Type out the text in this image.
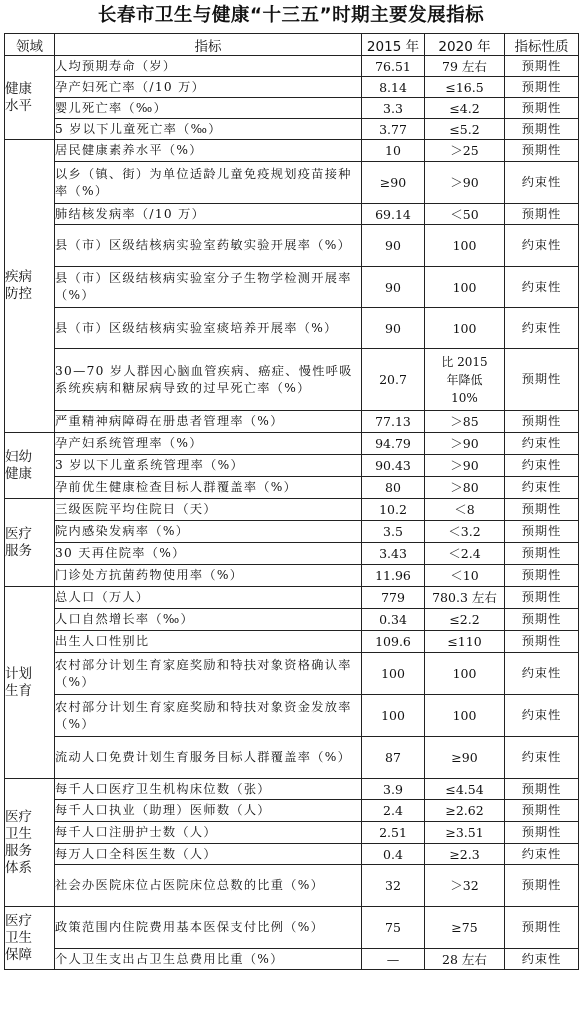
长春市卫生与健康“十三五”时期主要发展指标
领域	指标	2015 年	2020 年	指标性质

健康
水平	人均预期寿命（岁）	76.51	79 左右	预期性
	孕产妇死亡率（/10 万）	8.14	≤16.5	预期性
	婴儿死亡率（‰）	3.3	≤4.2	预期性
	5 岁以下儿童死亡率（‰）	3.77	≤5.2	预期性

疾病
防控	居民健康素养水平（%）	10	＞25	预期性
	以乡（镇、街）为单位适龄儿童免疫规划疫苗接种率（%）	≥90	＞90	约束性
	肺结核发病率（/10 万）	69.14	＜50	预期性
	县（市）区级结核病实验室药敏实验开展率（%）	90	100	约束性
	县（市）区级结核病实验室分子生物学检测开展率（%）	90	100	约束性
	县（市）区级结核病实验室痰培养开展率（%）	90	100	约束性
	30—70 岁人群因心脑血管疾病、癌症、慢性呼吸系统疾病和糖尿病导致的过早死亡率（%）	20.7	比 2015 年降低 10%	预期性
	严重精神病障碍在册患者管理率（%）	77.13	＞85	预期性

妇幼
健康	孕产妇系统管理率（%）	94.79	＞90	约束性
	3 岁以下儿童系统管理率（%）	90.43	＞90	约束性
	孕前优生健康检查目标人群覆盖率（%）	80	＞80	约束性

医疗
服务	三级医院平均住院日（天）	10.2	＜8	预期性
	院内感染发病率（%）	3.5	＜3.2	预期性
	30 天再住院率（%）	3.43	＜2.4	预期性
	门诊处方抗菌药物使用率（%）	11.96	＜10	预期性

计划
生育	总人口（万人）	779	780.3 左右	预期性
	人口自然增长率（‰）	0.34	≤2.2	预期性
	出生人口性别比	109.6	≤110	预期性
	农村部分计划生育家庭奖励和特扶对象资格确认率（%）	100	100	约束性
	农村部分计划生育家庭奖励和特扶对象资金发放率（%）	100	100	约束性
	流动人口免费计划生育服务目标人群覆盖率（%）	87	≥90	约束性

医疗
卫生
服务
体系	每千人口医疗卫生机构床位数（张）	3.9	≤4.54	预期性
	每千人口执业（助理）医师数（人）	2.4	≥2.62	预期性
	每千人口注册护士数（人）	2.51	≥3.51	预期性
	每万人口全科医生数（人）	0.4	≥2.3	约束性
	社会办医院床位占医院床位总数的比重（%）	32	＞32	预期性

医疗
卫生
保障	政策范围内住院费用基本医保支付比例（%）	75	≥75	预期性
	个人卫生支出占卫生总费用比重（%）	—	28 左右	约束性
